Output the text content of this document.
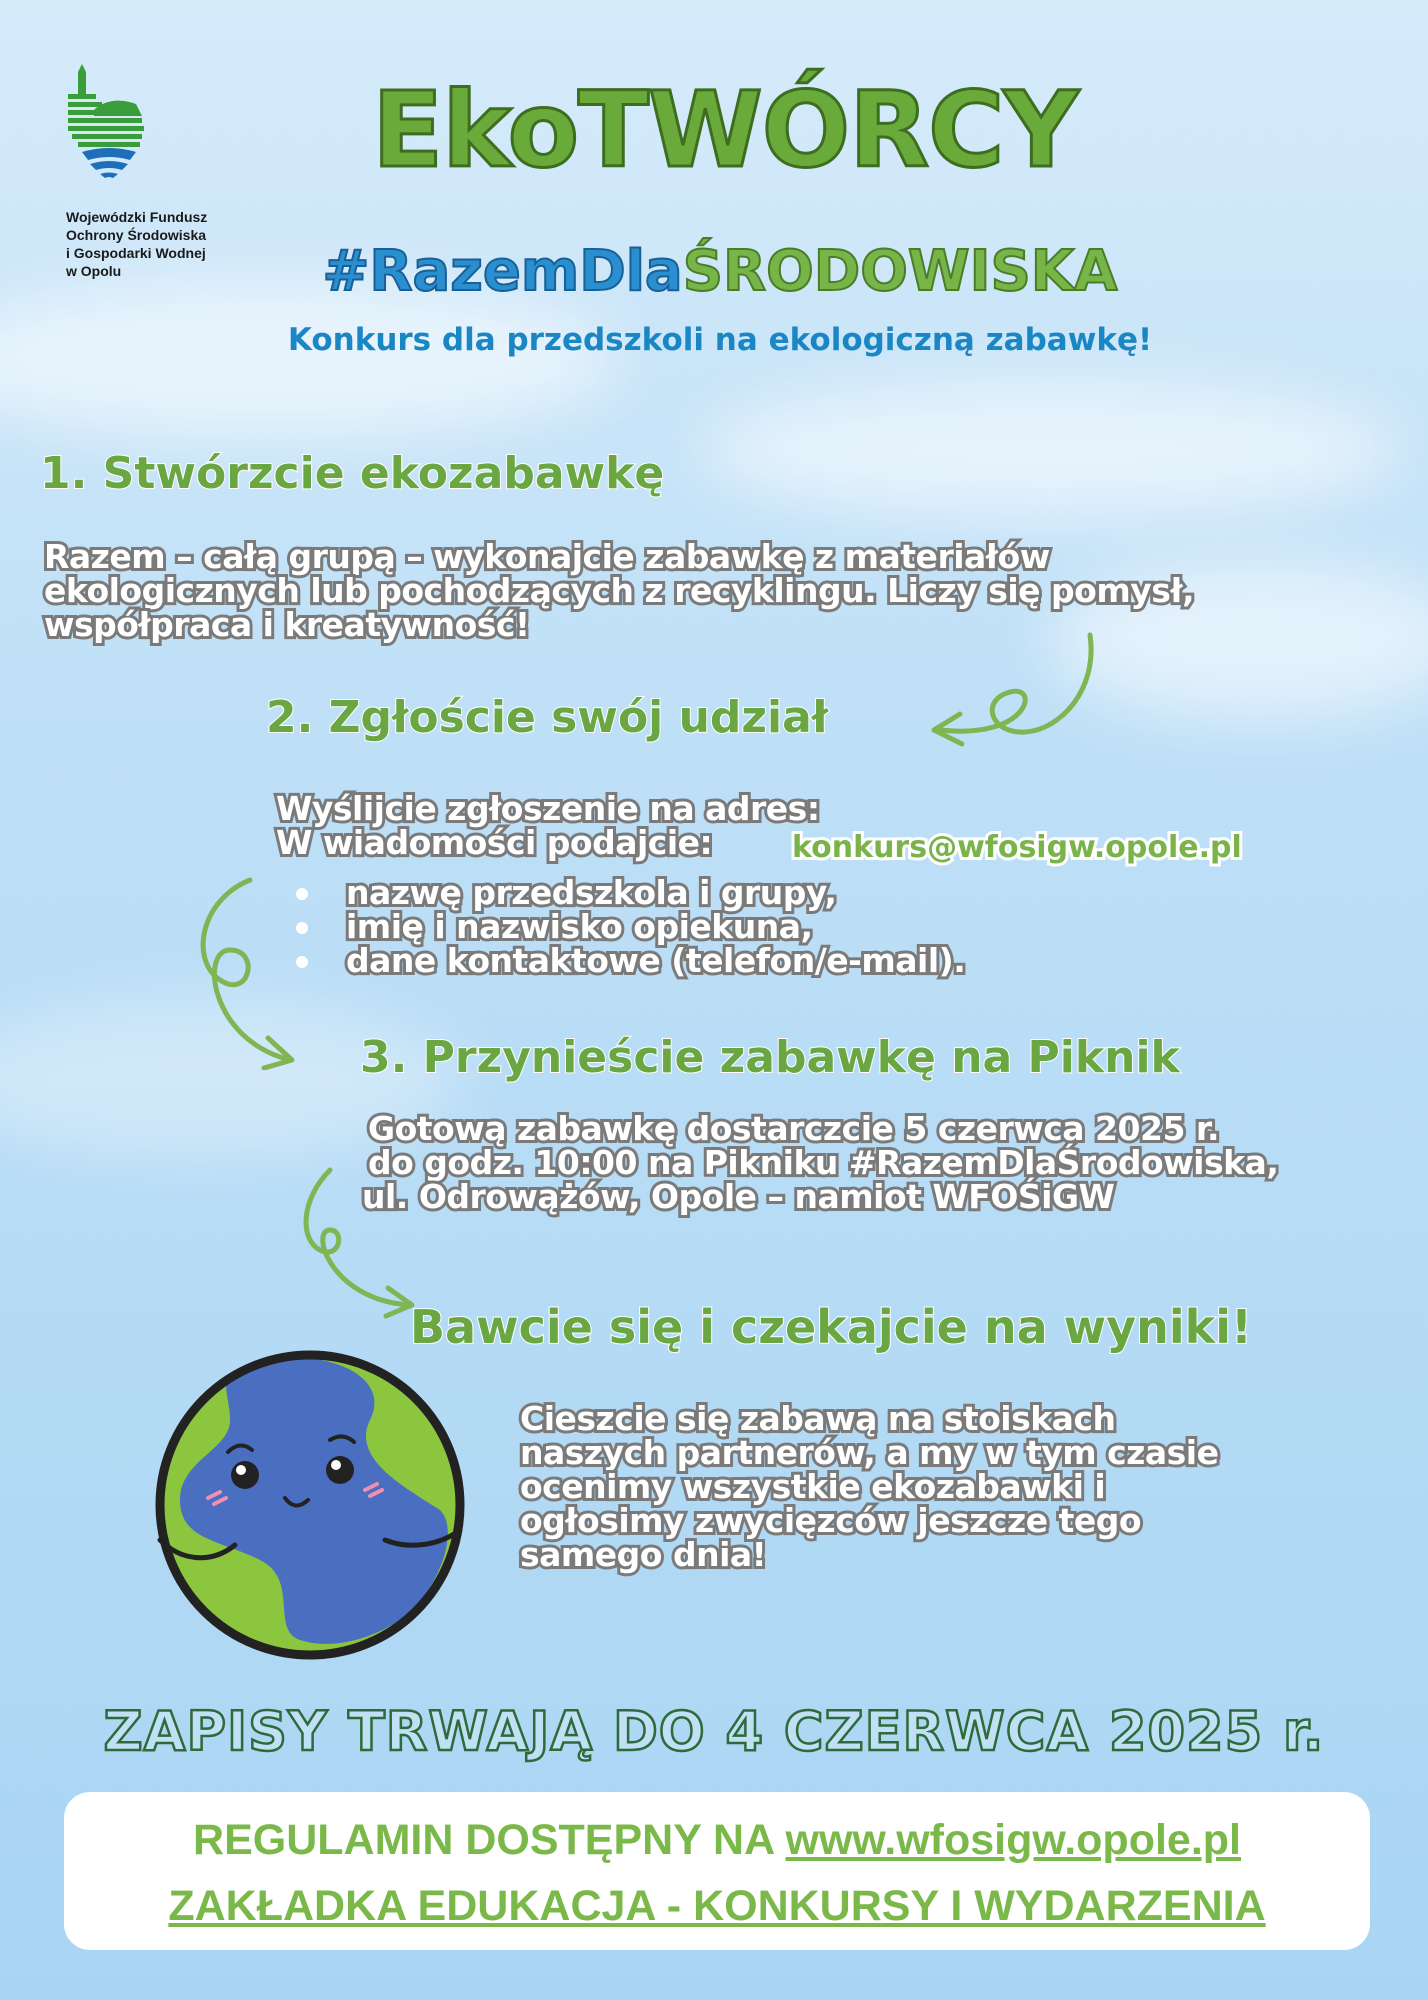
Wojewódzki Fundusz
Ochrony Środowiska
i Gospodarki Wodnej
w Opolu
EkoTWÓRCY
#RazemDlaŚRODOWISKA
Konkurs dla przedszkoli na ekologiczną zabawkę!
1. Stwórzcie ekozabawkę
Razem – całą grupą – wykonajcie zabawkę z materiałów
ekologicznych lub pochodzących z recyklingu. Liczy się pomysł,
współpraca i kreatywność!
2. Zgłoście swój udział
Wyślijcie zgłoszenie na adres:
W wiadomości podajcie:	konkurs@wfosigw.opole.pl
nazwę przedszkola i grupy,
imię i nazwisko opiekuna,
dane kontaktowe (telefon/e-mail).
3. Przynieście zabawkę na Piknik
Gotową zabawkę dostarczcie 5 czerwca 2025 r.
do godz. 10:00 na Pikniku #RazemDlaŚrodowiska,
ul. Odrowążów, Opole – namiot WFOŚiGW
Bawcie się i czekajcie na wyniki!
Cieszcie się zabawą na stoiskach
naszych partnerów, a my w tym czasie
ocenimy wszystkie ekozabawki i
ogłosimy zwycięzców jeszcze tego
samego dnia!
ZAPISY TRWAJĄ DO 4 CZERWCA 2025 r.
REGULAMIN DOSTĘPNY NA www.wfosigw.opole.pl
ZAKŁADKA EDUKACJA - KONKURSY I WYDARZENIA
